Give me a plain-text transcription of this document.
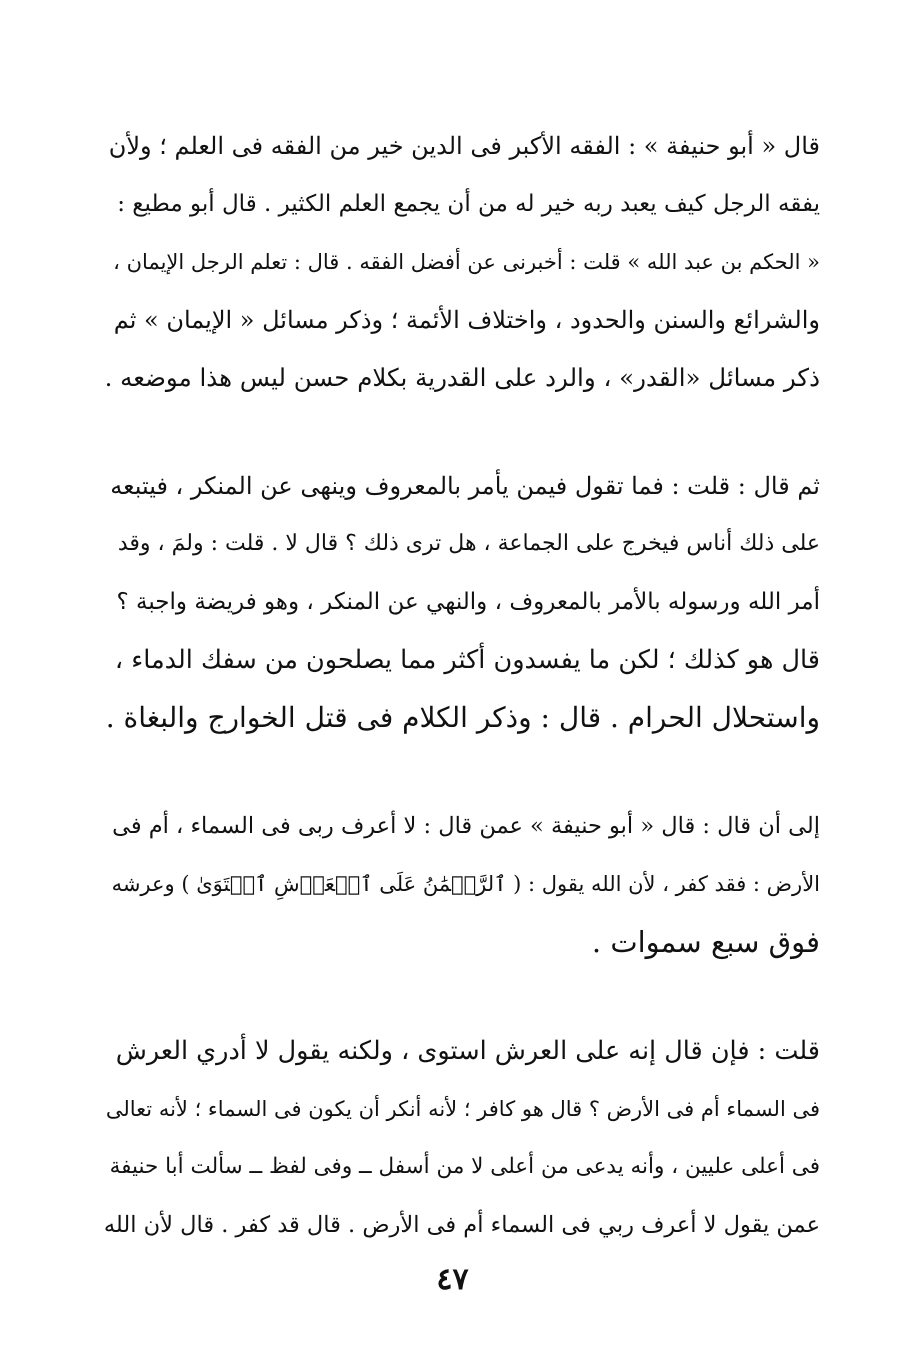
قال « أبو حنيفة » : الفقه الأكبر فى الدين خير من الفقه فى العلم ؛ ولأن
يفقه الرجل كيف يعبد ربه خير له من أن يجمع العلم الكثير . قال أبو مطيع :
« الحكم بن عبد الله » قلت : أخبرنى عن أفضل الفقه . قال : تعلم الرجل الإيمان ،
والشرائع والسنن والحدود ، واختلاف الأئمة ؛ وذكر مسائل « الإيمان » ثم
ذكر مسائل «القدر» ، والرد على القدرية بكلام حسن ليس هذا موضعه .
ثم قال : قلت : فما تقول فيمن يأمر بالمعروف وينهى عن المنكر ، فيتبعه
على ذلك أناس فيخرج على الجماعة ، هل ترى ذلك ؟ قال لا . قلت : ولمَ ، وقد
أمر الله ورسوله بالأمر بالمعروف ، والنهي عن المنكر ، وهو فريضة واجبة ؟
قال هو كذلك ؛ لكن ما يفسدون أكثر مما يصلحون من سفك الدماء ،
واستحلال الحرام . قال : وذكر الكلام فى قتل الخوارج والبغاة .
إلى أن قال : قال « أبو حنيفة » عمن قال : لا أعرف ربى فى السماء ، أم فى
الأرض : فقد كفر ، لأن الله يقول : ( ٱلرَّحۡمَٰنُ عَلَى ٱلۡعَرۡشِ ٱسۡتَوَىٰ ) وعرشه
فوق سبع سموات .
قلت : فإن قال إنه على العرش استوى ، ولكنه يقول لا أدري العرش
فى السماء أم فى الأرض ؟ قال هو كافر ؛ لأنه أنكر أن يكون فى السماء ؛ لأنه تعالى
فى أعلى عليين ، وأنه يدعى من أعلى لا من أسفل ــ وفى لفظ ــ سألت أبا حنيفة
عمن يقول لا أعرف ربي فى السماء أم فى الأرض . قال قد كفر . قال لأن الله
٤٧
